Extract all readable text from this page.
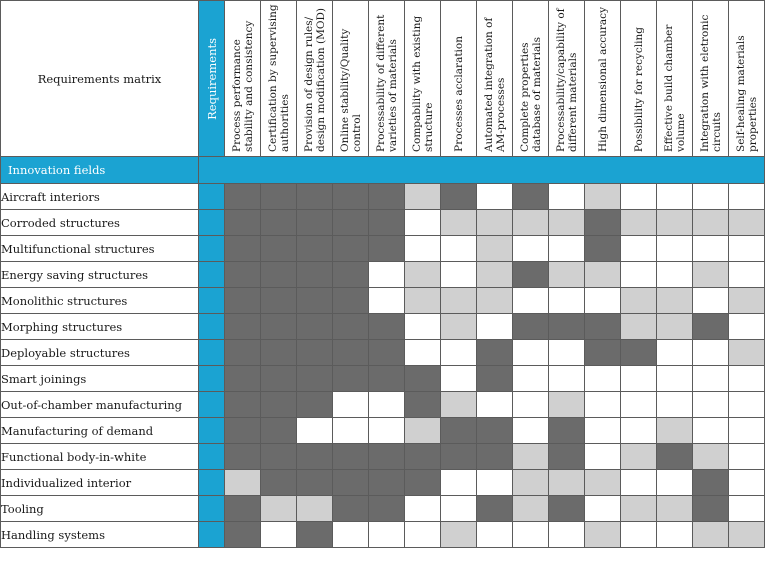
Requirements matrix	Requirements	Process performance stability and consistency	Certification by supervising authorities	Provision of design rules/ design modification (MOD)	Online stability/Quality control	Processability of different varieties of materials	Compability with existing structure	Processes acclaration	Automated integration of AM-processes	Complete properties database of materials	Processability/capability of different materials	High dimensional accuracy	Possibility for recycling	Effective build chamber volume	Integration with eletronic circuits	Self-healing materials properties

Innovation fields																
Aircraft interiors																
Corroded structures																
Multifunctional structures																
Energy saving structures																
Monolithic structures																
Morphing structures																
Deployable structures																
Smart joinings																
Out-of-chamber manufacturing																
Manufacturing of demand																
Functional body-in-white																
Individualized interior																
Tooling																
Handling systems																
